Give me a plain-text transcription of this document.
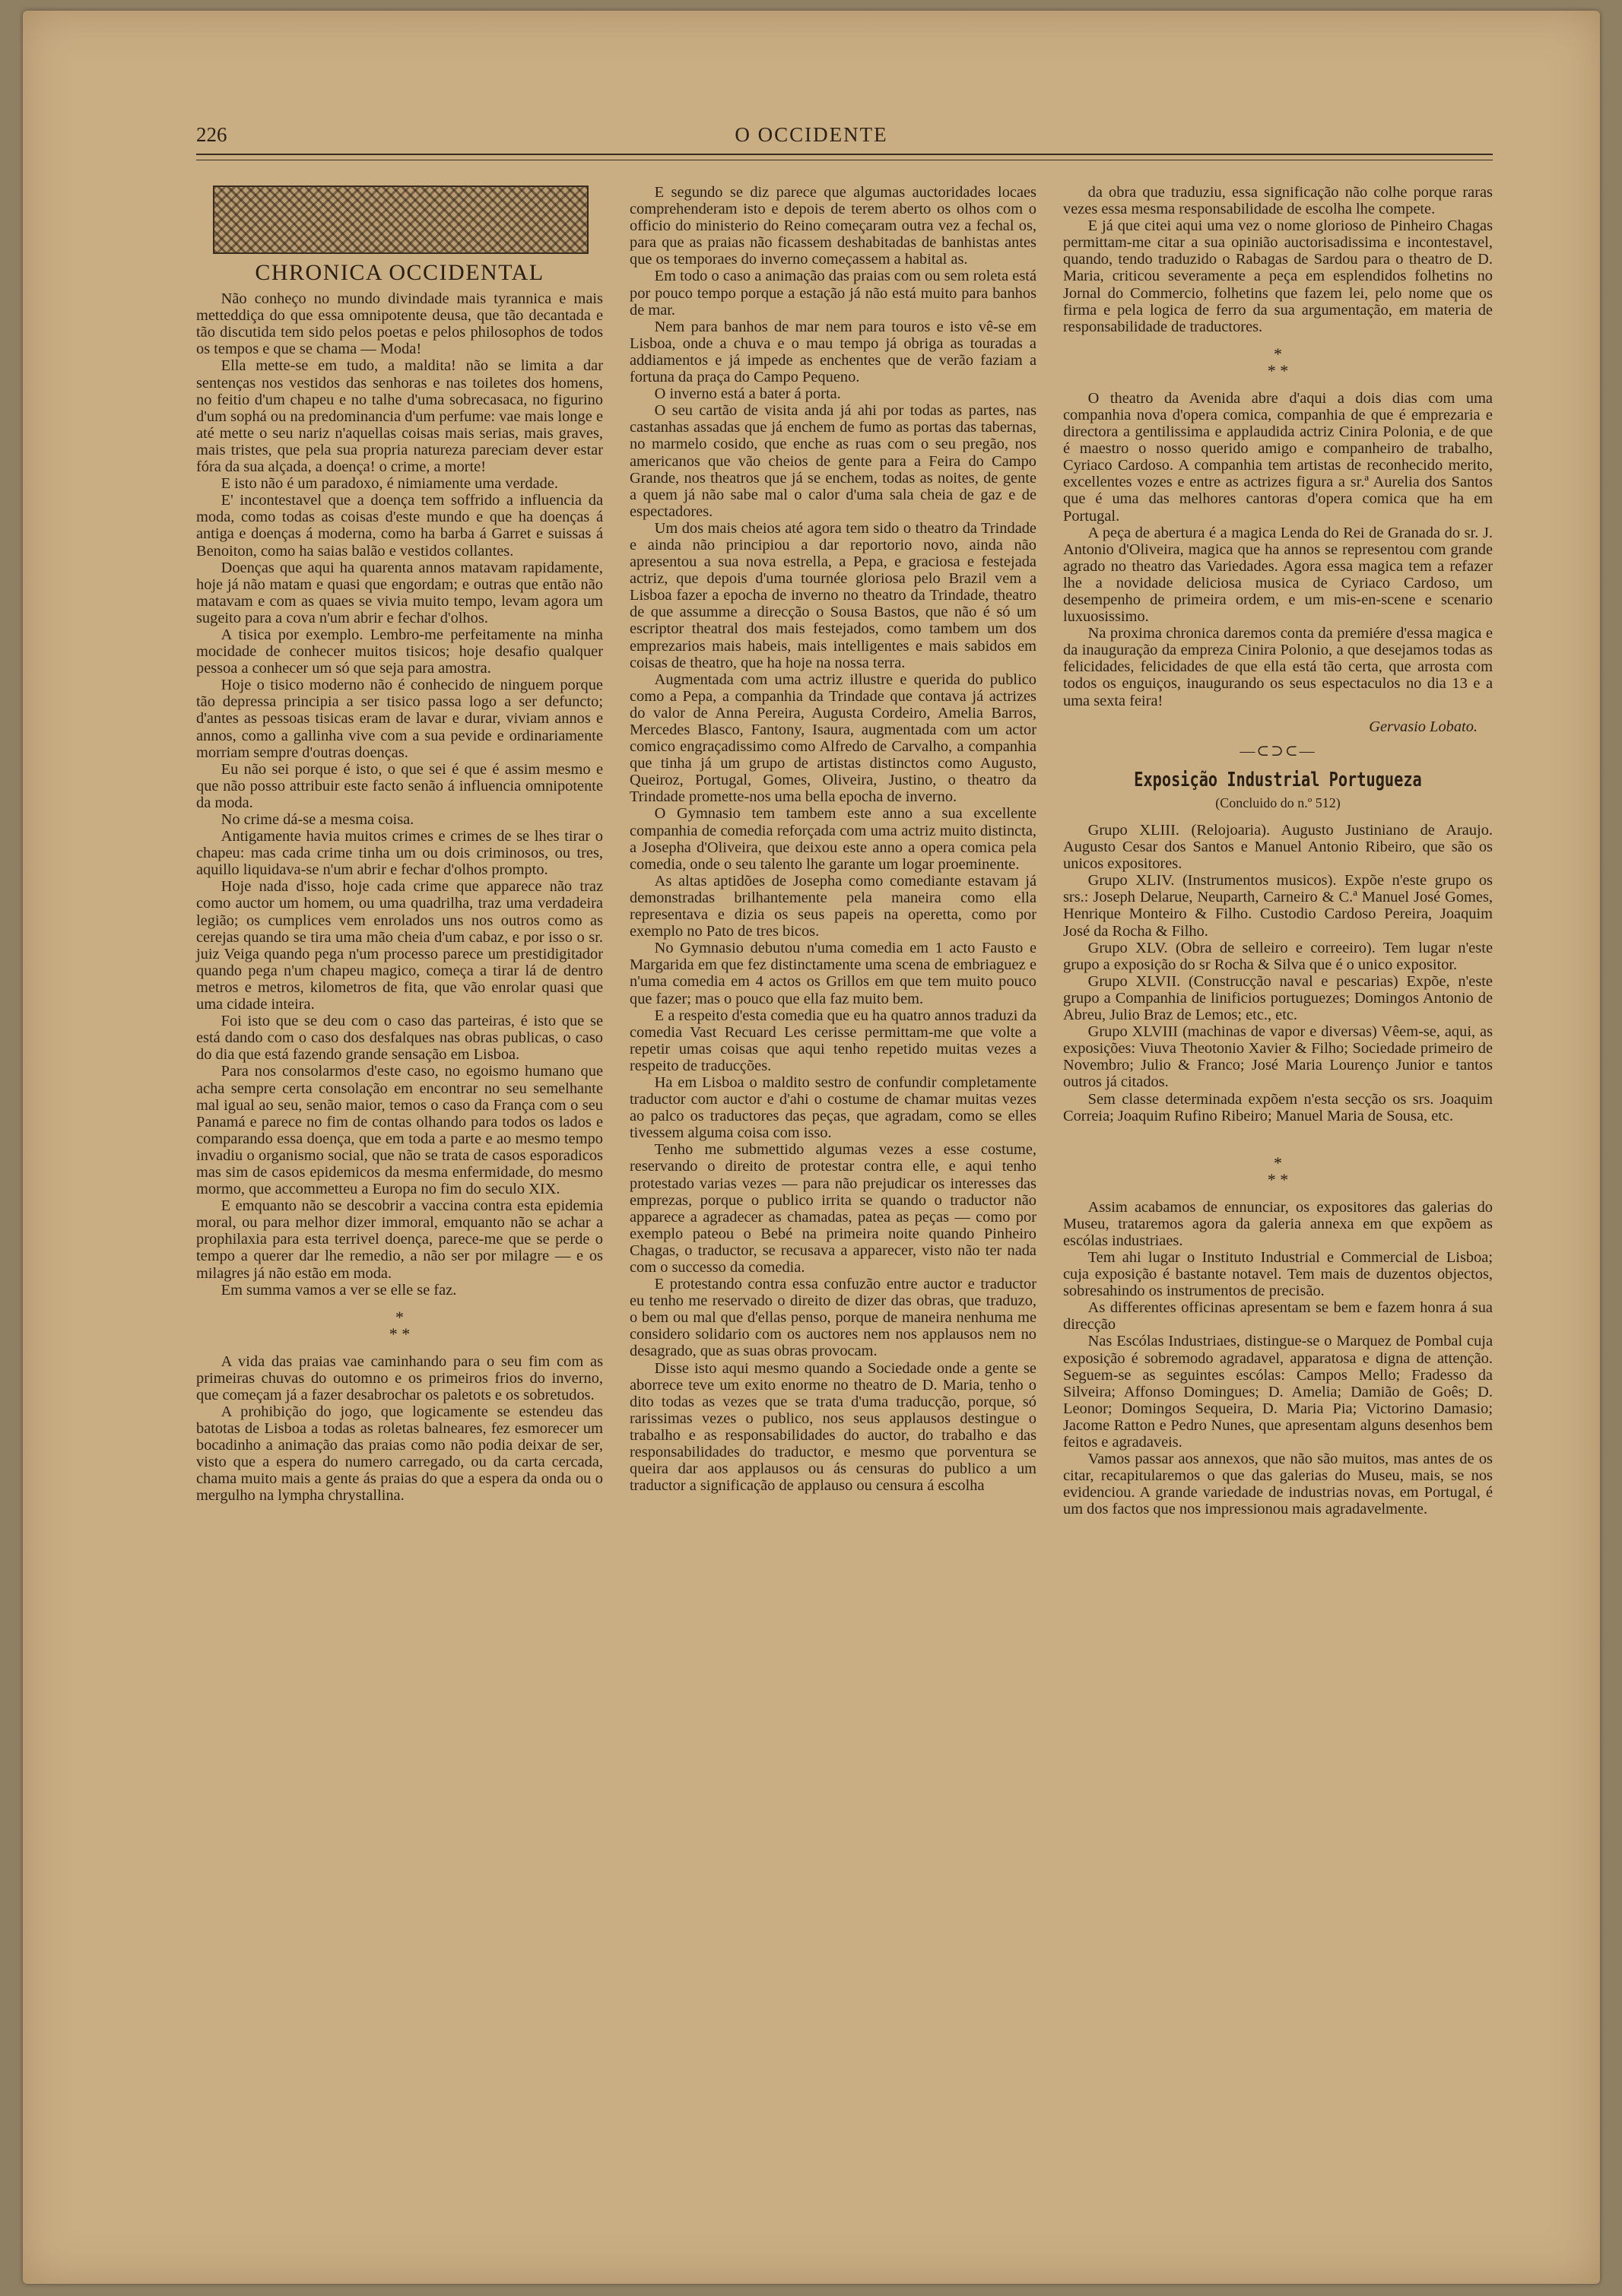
226	O OCCIDENTE
CHRONICA OCCIDENTAL

Não conheço no mundo divindade mais tyrannica e mais metteddiça do que essa omnipotente deusa, que tão decantada e tão discutida tem sido pelos poetas e pelos philosophos de todos os tempos e que se chama — Moda!

Ella mette-se em tudo, a maldita! não se limita a dar sentenças nos vestidos das senhoras e nas toiletes dos homens, no feitio d'um chapeu e no talhe d'uma sobrecasaca, no figurino d'um sophá ou na predominancia d'um perfume: vae mais longe e até mette o seu nariz n'aquellas coisas mais serias, mais graves, mais tristes, que pela sua propria natureza pareciam dever estar fóra da sua alçada, a doença! o crime, a morte!

E isto não é um paradoxo, é nimiamente uma verdade.

E' incontestavel que a doença tem soffrido a influencia da moda, como todas as coisas d'este mundo e que ha doenças á antiga e doenças á moderna, como ha barba á Garret e suissas á Benoiton, como ha saias balão e vestidos collantes.

Doenças que aqui ha quarenta annos matavam rapidamente, hoje já não matam e quasi que engordam; e outras que então não matavam e com as quaes se vivia muito tempo, levam agora um sugeito para a cova n'um abrir e fechar d'olhos.

A tisica por exemplo. Lembro-me perfeitamente na minha mocidade de conhecer muitos tisicos; hoje desafio qualquer pessoa a conhecer um só que seja para amostra.

Hoje o tisico moderno não é conhecido de ninguem porque tão depressa principia a ser tisico passa logo a ser defuncto; d'antes as pessoas tisicas eram de lavar e durar, viviam annos e annos, como a gallinha vive com a sua pevide e ordinariamente morriam sempre d'outras doenças.

Eu não sei porque é isto, o que sei é que é assim mesmo e que não posso attribuir este facto senão á influencia omnipotente da moda.

No crime dá-se a mesma coisa.

Antigamente havia muitos crimes e crimes de se lhes tirar o chapeu: mas cada crime tinha um ou dois criminosos, ou tres, aquillo liquidava-se n'um abrir e fechar d'olhos prompto.

Hoje nada d'isso, hoje cada crime que apparece não traz como auctor um homem, ou uma quadrilha, traz uma verdadeira legião; os cumplices vem enrolados uns nos outros como as cerejas quando se tira uma mão cheia d'um cabaz, e por isso o sr. juiz Veiga quando pega n'um processo parece um prestidigitador quando pega n'um chapeu magico, começa a tirar lá de dentro metros e metros, kilometros de fita, que vão enrolar quasi que uma cidade inteira.

Foi isto que se deu com o caso das parteiras, é isto que se está dando com o caso dos desfalques nas obras publicas, o caso do dia que está fazendo grande sensação em Lisboa.

Para nos consolarmos d'este caso, no egoismo humano que acha sempre certa consolação em encontrar no seu semelhante mal igual ao seu, senão maior, temos o caso da França com o seu Panamá e parece no fim de contas olhando para todos os lados e comparando essa doença, que em toda a parte e ao mesmo tempo invadiu o organismo social, que não se trata de casos esporadicos mas sim de casos epidemicos da mesma enfermidade, do mesmo mormo, que accommetteu a Europa no fim do seculo XIX.

E emquanto não se descobrir a vaccina contra esta epidemia moral, ou para melhor dizer immoral, emquanto não se achar a prophilaxia para esta terrivel doença, parece-me que se perde o tempo a querer dar lhe remedio, a não ser por milagre — e os milagres já não estão em moda.

Em summa vamos a ver se elle se faz.

*
* *

A vida das praias vae caminhando para o seu fim com as primeiras chuvas do outomno e os primeiros frios do inverno, que começam já a fazer desabrochar os paletots e os sobretudos.

A prohibição do jogo, que logicamente se estendeu das batotas de Lisboa a todas as roletas balneares, fez esmorecer um bocadinho a animação das praias como não podia deixar de ser, visto que a espera do numero carregado, ou da carta cercada, chama muito mais a gente ás praias do que a espera da onda ou o mergulho na lympha chrystallina.

E segundo se diz parece que algumas auctoridades locaes comprehenderam isto e depois de terem aberto os olhos com o officio do ministerio do Reino começaram outra vez a fechal os, para que as praias não ficassem deshabitadas de banhistas antes que os temporaes do inverno começassem a habital as.

Em todo o caso a animação das praias com ou sem roleta está por pouco tempo porque a estação já não está muito para banhos de mar.

Nem para banhos de mar nem para touros e isto vê-se em Lisboa, onde a chuva e o mau tempo já obriga as touradas a addiamentos e já impede as enchentes que de verão faziam a fortuna da praça do Campo Pequeno.

O inverno está a bater á porta.

O seu cartão de visita anda já ahi por todas as partes, nas castanhas assadas que já enchem de fumo as portas das tabernas, no marmelo cosido, que enche as ruas com o seu pregão, nos americanos que vão cheios de gente para a Feira do Campo Grande, nos theatros que já se enchem, todas as noites, de gente a quem já não sabe mal o calor d'uma sala cheia de gaz e de espectadores.

Um dos mais cheios até agora tem sido o theatro da Trindade e ainda não principiou a dar reportorio novo, ainda não apresentou a sua nova estrella, a Pepa, e graciosa e festejada actriz, que depois d'uma tournée gloriosa pelo Brazil vem a Lisboa fazer a epocha de inverno no theatro da Trindade, theatro de que assumme a direcção o Sousa Bastos, que não é só um escriptor theatral dos mais festejados, como tambem um dos emprezarios mais habeis, mais intelligentes e mais sabidos em coisas de theatro, que ha hoje na nossa terra.

Augmentada com uma actriz illustre e querida do publico como a Pepa, a companhia da Trindade que contava já actrizes do valor de Anna Pereira, Augusta Cordeiro, Amelia Barros, Mercedes Blasco, Fantony, Isaura, augmentada com um actor comico engraçadissimo como Alfredo de Carvalho, a companhia que tinha já um grupo de artistas distinctos como Augusto, Queiroz, Portugal, Gomes, Oliveira, Justino, o theatro da Trindade promette-nos uma bella epocha de inverno.

O Gymnasio tem tambem este anno a sua excellente companhia de comedia reforçada com uma actriz muito distincta, a Josepha d'Oliveira, que deixou este anno a opera comica pela comedia, onde o seu talento lhe garante um logar proeminente.

As altas aptidões de Josepha como comediante estavam já demonstradas brilhantemente pela maneira como ella representava e dizia os seus papeis na operetta, como por exemplo no Pato de tres bicos.

No Gymnasio debutou n'uma comedia em 1 acto Fausto e Margarida em que fez distinctamente uma scena de embriaguez e n'uma comedia em 4 actos os Grillos em que tem muito pouco que fazer; mas o pouco que ella faz muito bem.

E a respeito d'esta comedia que eu ha quatro annos traduzi da comedia Vast Recuard Les cerisse permittam-me que volte a repetir umas coisas que aqui tenho repetido muitas vezes a respeito de traducções.

Ha em Lisboa o maldito sestro de confundir completamente traductor com auctor e d'ahi o costume de chamar muitas vezes ao palco os traductores das peças, que agradam, como se elles tivessem alguma coisa com isso.

Tenho me submettido algumas vezes a esse costume, reservando o direito de protestar contra elle, e aqui tenho protestado varias vezes — para não prejudicar os interesses das emprezas, porque o publico irrita se quando o traductor não apparece a agradecer as chamadas, patea as peças — como por exemplo pateou o Bebé na primeira noite quando Pinheiro Chagas, o traductor, se recusava a apparecer, visto não ter nada com o successo da comedia.

E protestando contra essa confuzão entre auctor e traductor eu tenho me reservado o direito de dizer das obras, que traduzo, o bem ou mal que d'ellas penso, porque de maneira nenhuma me considero solidario com os auctores nem nos applausos nem no desagrado, que as suas obras provocam.

Disse isto aqui mesmo quando a Sociedade onde a gente se aborrece teve um exito enorme no theatro de D. Maria, tenho o dito todas as vezes que se trata d'uma traducção, porque, só rarissimas vezes o publico, nos seus applausos destingue o trabalho e as responsabilidades do auctor, do trabalho e das responsabilidades do traductor, e mesmo que porventura se queira dar aos applausos ou ás censuras do publico a um traductor a significação de applauso ou censura á escolha

da obra que traduziu, essa significação não colhe porque raras vezes essa mesma responsabilidade de escolha lhe compete.

E já que citei aqui uma vez o nome glorioso de Pinheiro Chagas permittam-me citar a sua opinião auctorisadissima e incontestavel, quando, tendo traduzido o Rabagas de Sardou para o theatro de D. Maria, criticou severamente a peça em esplendidos folhetins no Jornal do Commercio, folhetins que fazem lei, pelo nome que os firma e pela logica de ferro da sua argumentação, em materia de responsabilidade de traductores.

*
* *

O theatro da Avenida abre d'aqui a dois dias com uma companhia nova d'opera comica, companhia de que é emprezaria e directora a gentilissima e applaudida actriz Cinira Polonia, e de que é maestro o nosso querido amigo e companheiro de trabalho, Cyriaco Cardoso. A companhia tem artistas de reconhecido merito, excellentes vozes e entre as actrizes figura a sr.ª Aurelia dos Santos que é uma das melhores cantoras d'opera comica que ha em Portugal.

A peça de abertura é a magica Lenda do Rei de Granada do sr. J. Antonio d'Oliveira, magica que ha annos se representou com grande agrado no theatro das Variedades. Agora essa magica tem a refazer lhe a novidade deliciosa musica de Cyriaco Cardoso, um desempenho de primeira ordem, e um mis-en-scene e scenario luxuosissimo.

Na proxima chronica daremos conta da premiére d'essa magica e da inauguração da empreza Cinira Polonio, a que desejamos todas as felicidades, felicidades de que ella está tão certa, que arrosta com todos os enguiços, inaugurando os seus espectaculos no dia 13 e a uma sexta feira!

Gervasio Lobato.
—⊂⊃⊂—
Exposição Industrial Portugueza
(Concluido do n.º 512)

Grupo XLIII. (Relojoaria). Augusto Justiniano de Araujo. Augusto Cesar dos Santos e Manuel Antonio Ribeiro, que são os unicos expositores.

Grupo XLIV. (Instrumentos musicos). Expõe n'este grupo os srs.: Joseph Delarue, Neuparth, Carneiro & C.ª Manuel José Gomes, Henrique Monteiro & Filho. Custodio Cardoso Pereira, Joaquim José da Rocha & Filho.

Grupo XLV. (Obra de selleiro e correeiro). Tem lugar n'este grupo a exposição do sr Rocha & Silva que é o unico expositor.

Grupo XLVII. (Construcção naval e pescarias) Expõe, n'este grupo a Companhia de linificios portuguezes; Domingos Antonio de Abreu, Julio Braz de Lemos; etc., etc.

Grupo XLVIII (machinas de vapor e diversas) Vêem-se, aqui, as exposições: Viuva Theotonio Xavier & Filho; Sociedade primeiro de Novembro; Julio & Franco; José Maria Lourenço Junior e tantos outros já citados.

Sem classe determinada expõem n'esta secção os srs. Joaquim Correia; Joaquim Rufino Ribeiro; Manuel Maria de Sousa, etc.

*
* *

Assim acabamos de ennunciar, os expositores das galerias do Museu, trataremos agora da galeria annexa em que expõem as escólas industriaes.

Tem ahi lugar o Instituto Industrial e Commercial de Lisboa; cuja exposição é bastante notavel. Tem mais de duzentos objectos, sobresahindo os instrumentos de precisão.

As differentes officinas apresentam se bem e fazem honra á sua direcção

Nas Escólas Industriaes, distingue-se o Marquez de Pombal cuja exposição é sobremodo agradavel, apparatosa e digna de attenção. Seguem-se as seguintes escólas: Campos Mello; Fradesso da Silveira; Affonso Domingues; D. Amelia; Damião de Goês; D. Leonor; Domingos Sequeira, D. Maria Pia; Victorino Damasio; Jacome Ratton e Pedro Nunes, que apresentam alguns desenhos bem feitos e agradaveis.

Vamos passar aos annexos, que não são muitos, mas antes de os citar, recapitularemos o que das galerias do Museu, mais, se nos evidenciou. A grande variedade de industrias novas, em Portugal, é um dos factos que nos impressionou mais agradavelmente.
